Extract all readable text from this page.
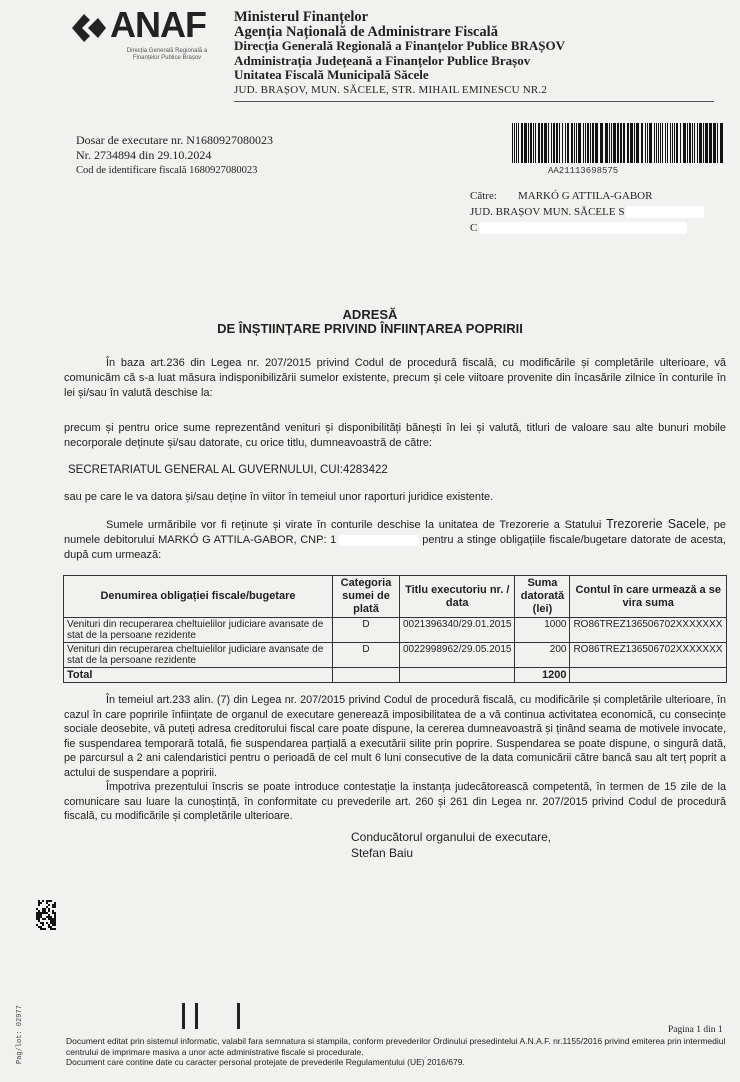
ANAF
Direcția Generală Regională a Finanțelor Publice Brașov
Ministerul Finanțelor
Agenția Națională de Administrare Fiscală
Direcția Generală Regională a Finanțelor Publice BRAȘOV
Administrația Județeană a Finanțelor Publice Brașov
Unitatea Fiscală Municipală Săcele
JUD. BRAȘOV, MUN. SĂCELE, STR. MIHAIL EMINESCU NR.2
Dosar de executare nr. N1680927080023
Nr. 2734894 din 29.10.2024
Cod de identificare fiscală 1680927080023	AA21113698575
Către: MARKÓ G ATTILA-GABOR
JUD. BRAȘOV MUN. SĂCELE S
C
ADRESĂ
DE ÎNȘTIINȚARE PRIVIND ÎNFIINȚAREA POPRIRII
În baza art.236 din Legea nr. 207/2015 privind Codul de procedură fiscală, cu modificările și completările ulterioare, vă comunicăm că s-a luat măsura indisponibilizării sumelor existente, precum și cele viitoare provenite din încasările zilnice în conturile în lei și/sau în valută deschise la:
precum și pentru orice sume reprezentând venituri și disponibilități bănești în lei și valută, titluri de valoare sau alte bunuri mobile necorporale deținute și/sau datorate, cu orice titlu, dumneavoastră de către:
SECRETARIATUL GENERAL AL GUVERNULUI, CUI:4283422
sau pe care le va datora și/sau deține în viitor în temeiul unor raporturi juridice existente.
Sumele urmăribile vor fi reținute și virate în conturile deschise la unitatea de Trezorerie a Statului Trezorerie Sacele, pe numele debitorului MARKÓ G ATTILA-GABOR, CNP: 1	pentru a stinge obligațiile fiscale/bugetare datorate de acesta, după cum urmează:
Denumirea obligației fiscale/bugetare	Categoria sumei de plată	Titlu executoriu nr. / data	Suma datorată (lei)	Contul în care urmează a se vira suma
Venituri din recuperarea cheltuielilor judiciare avansate de stat de la persoane rezidente	D	0021396340/29.01.2015	1000	RO86TREZ136506702XXXXXXX
Venituri din recuperarea cheltuielilor judiciare avansate de stat de la persoane rezidente	D	0022998962/29.05.2015	200	RO86TREZ136506702XXXXXXX
Total			1200	
În temeiul art.233 alin. (7) din Legea nr. 207/2015 privind Codul de procedură fiscală, cu modificările și completările ulterioare, în cazul în care popririle înființate de organul de executare generează imposibilitatea de a vă continua activitatea economică, cu consecințe sociale deosebite, vă puteți adresa creditorului fiscal care poate dispune, la cererea dumneavoastră și ținând seama de motivele invocate, fie suspendarea temporară totală, fie suspendarea parțială a executării silite prin poprire. Suspendarea se poate dispune, o singură dată, pe parcursul a 2 ani calendaristici pentru o perioadă de cel mult 6 luni consecutive de la data comunicării către bancă sau alt terț poprit a actului de suspendare a popririi.
Împotriva prezentului înscris se poate introduce contestație la instanța judecătorească competentă, în termen de 15 zile de la comunicare sau luare la cunoștință, în conformitate cu prevederile art. 260 și 261 din Legea nr. 207/2015 privind Codul de procedură fiscală, cu modificările și completările ulterioare.
Conducătorul organului de executare,
Stefan Baiu
Pag/lot: 02977	Pagina 1 din 1
Document editat prin sistemul informatic, valabil fara semnatura si stampila, conform prevederilor Ordinului presedintelui A.N.A.F. nr.1155/2016 privind emiterea prin intermediul centrului de imprimare masiva a unor acte administrative fiscale si procedurale.
Document care contine date cu caracter personal protejate de prevederile Regulamentului (UE) 2016/679.
